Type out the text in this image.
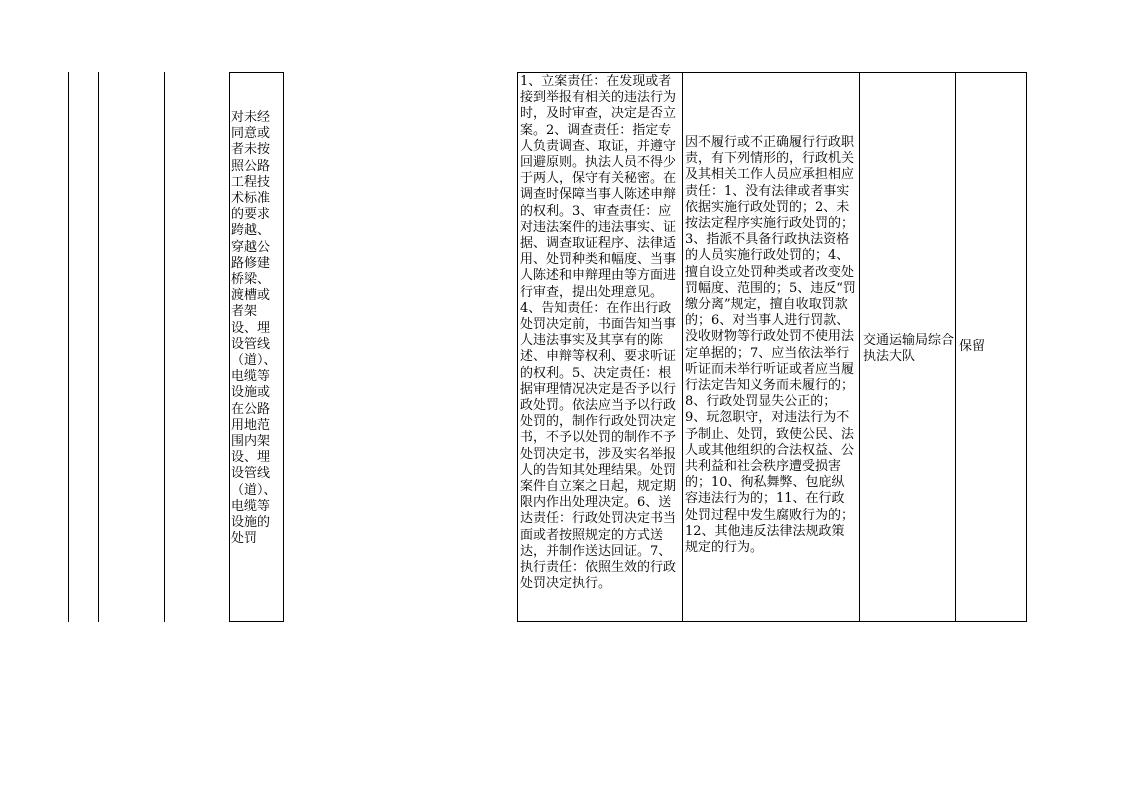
对未经同意或者未按照公路工程技术标准的要求跨越、穿越公路修建桥梁、渡槽或者架设、埋设管线（道）、电缆等设施或在公路用地范围内架设、埋设管线（道）、电缆等设施的处罚
1、立案责任：在发现或者接到举报有相关的违法行为时，及时审查，决定是否立案。2、调查责任：指定专人负责调查、取证，并遵守回避原则。执法人员不得少于两人，保守有关秘密。在调查时保障当事人陈述申辩的权利。3、审查责任：应对违法案件的违法事实、证据、调查取证程序、法律适用、处罚种类和幅度、当事人陈述和申辩理由等方面进行审查，提出处理意见。4、告知责任：在作出行政处罚决定前，书面告知当事人违法事实及其享有的陈述、申辩等权利、要求听证的权利。5、决定责任：根据审理情况决定是否予以行政处罚。依法应当予以行政处罚的，制作行政处罚决定书，不予以处罚的制作不予处罚决定书，涉及实名举报人的告知其处理结果。处罚案件自立案之日起，规定期限内作出处理决定。6、送达责任：行政处罚决定书当面或者按照规定的方式送达，并制作送达回证。7、执行责任：依照生效的行政处罚决定执行。
因不履行或不正确履行行政职责，有下列情形的，行政机关及其相关工作人员应承担相应责任：1、没有法律或者事实依据实施行政处罚的；2、未按法定程序实施行政处罚的；3、指派不具备行政执法资格的人员实施行政处罚的；4、擅自设立处罚种类或者改变处罚幅度、范围的；5、违反“罚缴分离”规定，擅自收取罚款的；6、对当事人进行罚款、没收财物等行政处罚不使用法定单据的；7、应当依法举行听证而未举行听证或者应当履行法定告知义务而未履行的；8、行政处罚显失公正的；9、玩忽职守，对违法行为不予制止、处罚，致使公民、法人或其他组织的合法权益、公共利益和社会秩序遭受损害的；10、徇私舞弊、包庇纵容违法行为的；11、在行政处罚过程中发生腐败行为的；12、其他违反法律法规政策规定的行为。
交通运输局综合执法大队
保留
